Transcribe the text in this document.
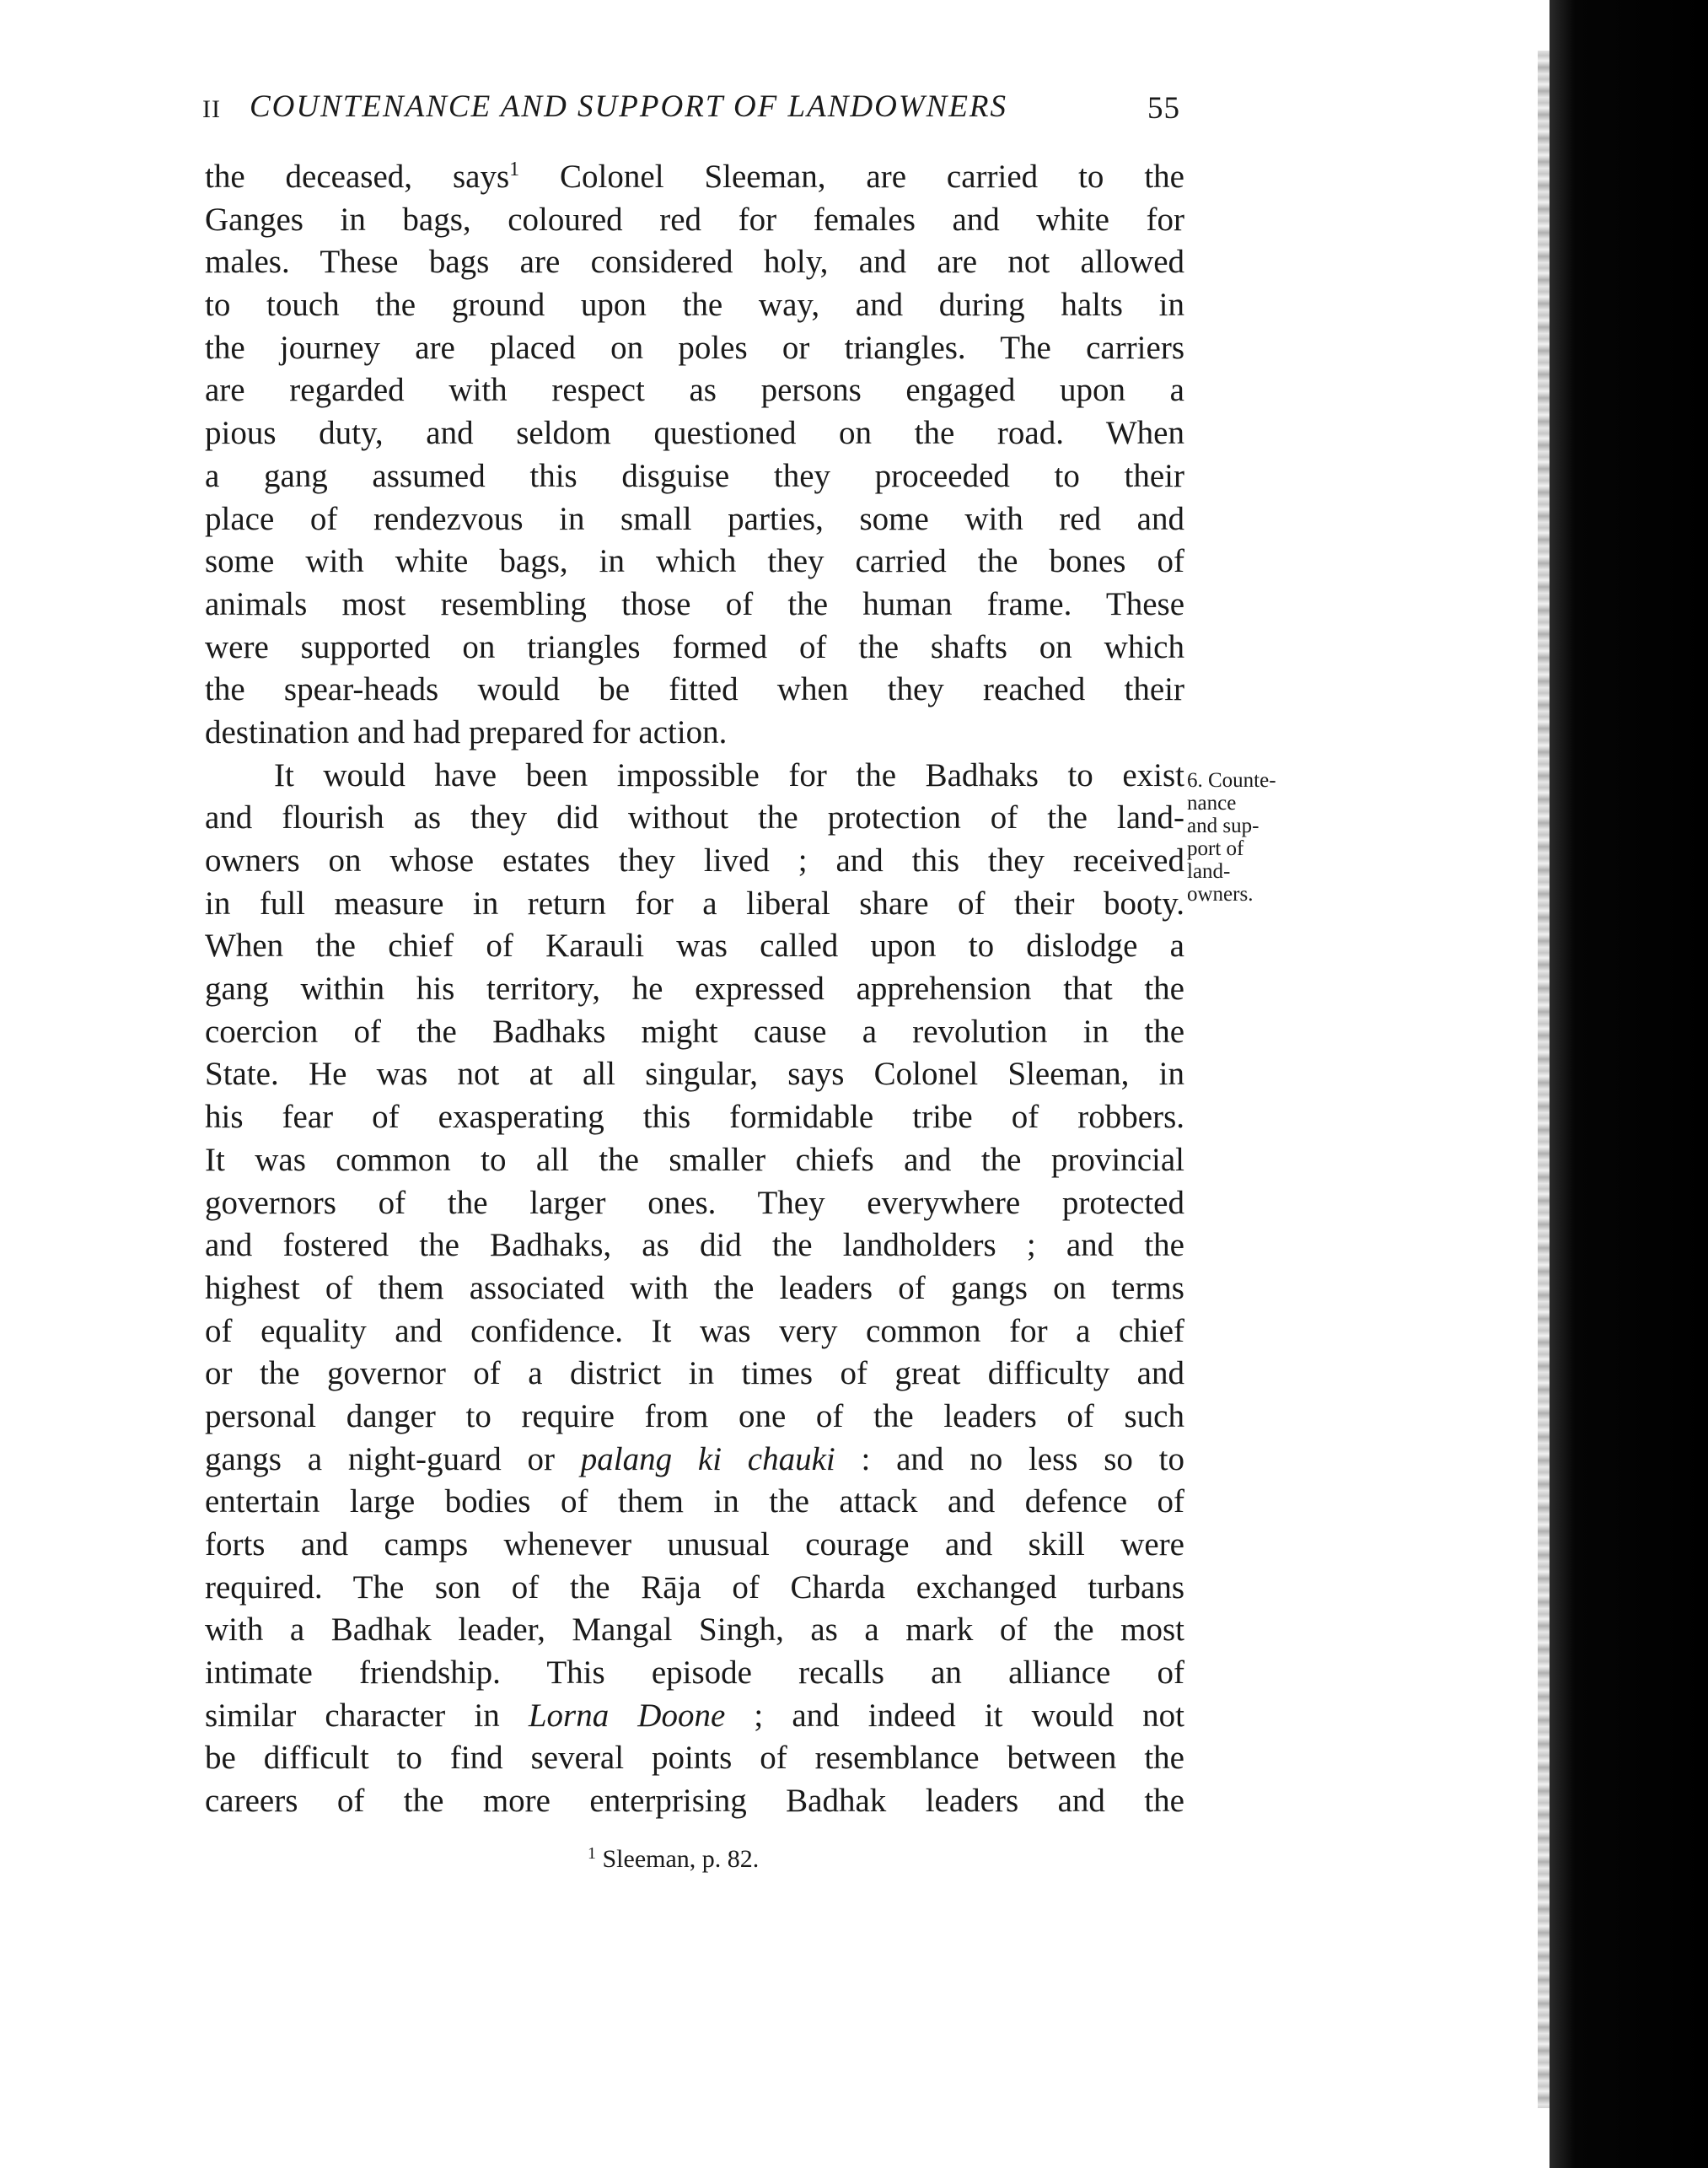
II COUNTENANCE AND SUPPORT OF LANDOWNERS	55
the deceased, says$^1$ Colonel Sleeman, are carried to the
Ganges in bags, coloured red for females and white for
males. These bags are considered holy, and are not allowed
to touch the ground upon the way, and during halts in
the journey are placed on poles or triangles. The carriers
are regarded with respect as persons engaged upon a
pious duty, and seldom questioned on the road. When
a gang assumed this disguise they proceeded to their
place of rendezvous in small parties, some with red and
some with white bags, in which they carried the bones of
animals most resembling those of the human frame. These
were supported on triangles formed of the shafts on which
the spear-heads would be fitted when they reached their
destination and had prepared for action.
It would have been impossible for the Badhaks to exist
and flourish as they did without the protection of the land-
owners on whose estates they lived ; and this they received
in full measure in return for a liberal share of their booty.
When the chief of Karauli was called upon to dislodge a
gang within his territory, he expressed apprehension that the
coercion of the Badhaks might cause a revolution in the
State. He was not at all singular, says Colonel Sleeman, in
his fear of exasperating this formidable tribe of robbers.
It was common to all the smaller chiefs and the provincial
governors of the larger ones. They everywhere protected
and fostered the Badhaks, as did the landholders ; and the
highest of them associated with the leaders of gangs on terms
of equality and confidence. It was very common for a chief
or the governor of a district in times of great difficulty and
personal danger to require from one of the leaders of such
gangs a night-guard or palang ki chauki : and no less so to
entertain large bodies of them in the attack and defence of
forts and camps whenever unusual courage and skill were
required. The son of the Rāja of Charda exchanged turbans
with a Badhak leader, Mangal Singh, as a mark of the most
intimate friendship. This episode recalls an alliance of
similar character in Lorna Doone ; and indeed it would not
be difficult to find several points of resemblance between the
careers of the more enterprising Badhak leaders and the
6. Counte-
nance
and sup-
port of
land-
owners.
$^1$ Sleeman, p. 82.
